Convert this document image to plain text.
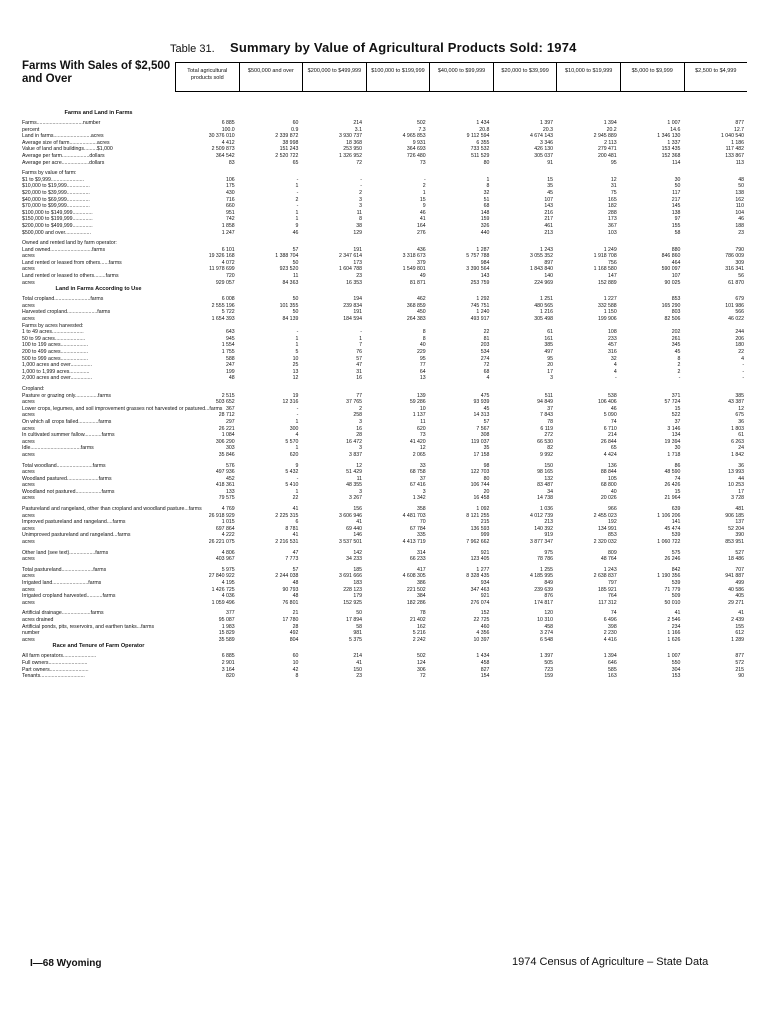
Table 31. Summary by Value of Agricultural Products Sold: 1974
Farms With Sales of $2,500 and Over
Total agricultural products sold
$500,000 and over	$200,000 to $499,999	$100,000 to $199,999	$40,000 to $99,999	$20,000 to $39,999	$10,000 to $19,999	$5,000 to $9,999	$2,500 to $4,999
Farms and Land in Farms
Farms................................number	6 885	60	214	502	1 434	1 397	1 394	1 007	877
percent	100.0	0.9	3.1	7.3	20.8	20.3	20.2	14.6	12.7
Land in farms..........................acres	30 376 010	2 339 872	3 930 737	4 965 853	9 112 594	4 674 143	2 945 889	1 346 130	1 040 540
Average size of farm...................acres	4 412	38 998	18 368	9 931	6 355	3 346	2 113	1 337	1 186
Value of land and buildings.........$1,000	2 509 873	151 243	253 950	364 693	733 532	426 130	279 471	153 435	117 482
Average per farm...................dollars	364 542	2 520 722	1 326 952	726 480	511 529	305 037	200 481	152 368	133 867
Average per acre...................dollars	83	65	72	73	80	91	95	114	113
Farms by value of farm:
$1 to $9,999.......................	106	-	-	-	1	15	12	30	48
$10,000 to $19,999................	175	1	-	2	8	35	31	50	50
$20,000 to $39,999................	430	-	2	1	32	45	75	117	138
$40,000 to $69,999................	716	2	3	15	51	107	165	217	162
$70,000 to $99,999................	660	-	3	9	68	143	182	145	110
$100,000 to $149,999..............	951	1	11	46	148	216	288	138	104
$150,000 to $199,999..............	742	1	8	41	159	217	173	97	46
$200,000 to $499,999..............	1 858	9	38	164	326	461	367	155	188
$500,000 and over..................	1 247	46	129	276	440	213	103	58	23
Owned and rented land by farm operator:
Land owned.............................farms	6 101	57	191	436	1 287	1 243	1 249	880	790
acres	19 326 168	1 388 704	2 347 614	3 318 673	5 757 788	3 055 352	1 918 708	846 860	786 009
Land rented or leased from others......farms	4 072	50	173	379	984	897	756	464	309
acres	11 978 699	923 520	1 604 788	1 549 801	3 390 564	1 843 840	1 168 580	590 097	316 341
Land rented or leased to others........farms	720	11	23	49	143	140	147	107	56
acres	929 057	84 363	16 353	81 871	253 759	224 969	152 889	90 025	61 870
Land in Farms According to Use
Total cropland.........................farms	6 008	50	194	462	1 292	1 251	1 227	853	679
acres	2 555 196	101 355	239 834	368 859	745 751	480 565	332 588	165 290	101 986
Harvested cropland.....................farms	5 722	50	191	450	1 240	1 216	1 150	803	566
acres	1 654 393	84 139	184 594	264 383	493 917	305 498	199 906	82 506	46 022
Farms by acres harvested:
1 to 49 acres......................	643	-	-	8	22	61	108	202	244
50 to 99 acres.....................	945	1	1	8	81	161	233	261	206
100 to 199 acres...................	1 554	1	7	40	203	385	457	345	180
200 to 499 acres...................	1 755	5	76	229	534	497	316	45	22
500 to 999 acres...................	588	10	57	95	274	95	32	8	4
1,000 acres and over...............	247	25	47	77	72	20	4	2	-
1,000 to 1,999 acres..............	199	13	31	64	68	17	4	2	-
2,000 acres and over...............	48	12	16	13	4	3	-	-	-
Cropland:
Pasture or grazing only................farms	2 515	19	77	139	475	511	538	371	385
acres	503 652	12 316	37 765	59 286	93 939	94 849	106 406	57 724	43 387
Lower crops, legumes, and soil improvement grasses not harvested or pastured...farms 367	-	2	10	45	37	46	15	12
acres	28 712	-	258	1 137	14 313	7 843	5 090	522	675
On which all crops failed..............farms	297	1	3	11	57	78	74	37	36
acres	26 221	300	16	620	7 567	6 119	6 710	3 146	1 803
In cultivated summer fallow............farms	1 084	4	28	73	308	272	214	134	61
acres	306 290	5 570	16 472	41 420	119 037	66 530	26 844	19 394	6 263
Idle...................................farms	303	1	3	12	35	82	65	30	24
acres	35 846	620	3 837	2 065	17 158	9 992	4 424	1 718	1 842
Total woodland.........................farms	576	9	12	33	98	150	136	86	36
acres	497 936	5 432	51 429	68 758	122 703	98 165	88 844	48 590	13 993
Woodland pastured......................farms	452	-	11	37	80	132	105	74	44
acres	418 361	5 410	48 355	67 416	106 744	83 487	68 800	26 426	10 253
Woodland not pastured..................farms	133	1	3	3	20	34	40	15	17
acres	79 575	22	3 267	1 342	16 458	14 738	20 026	21 964	3 728
Pastureland and rangeland, other than cropland and woodland pasture...farms	4 769	41	156	358	1 092	1 036	966	639	481
acres	26 918 929	2 225 315	3 606 946	4 481 703	8 121 255	4 012 739	2 455 023	1 106 206	906 185
Improved pastureland and rangeland....farms	1 015	6	41	70	215	213	192	141	137
acres	697 864	8 781	69 440	67 784	136 593	140 392	134 991	45 474	52 204
Unimproved pastureland and rangeland...farms	4 222	41	146	335	999	919	853	539	390
acres	26 221 075	2 216 531	3 537 501	4 413 719	7 962 662	3 877 347	2 320 032	1 060 722	853 951
Other land (see text)..................farms	4 806	47	142	314	921	975	809	575	527
acres	403 967	7 773	34 233	66 233	123 405	78 786	48 764	26 246	18 486
Total pastureland......................farms	5 975	57	185	417	1 277	1 255	1 243	842	707
acres	27 840 922	2 244 038	3 691 666	4 608 305	8 328 435	4 185 995	2 638 837	1 190 356	941 887
Irrigated land.........................farms	4 195	48	183	386	934	849	797	539	499
acres	1 426 725	90 793	228 123	221 502	347 463	239 639	185 921	71 779	40 586
Irrigated cropland harvested...........farms	4 036	48	179	384	921	876	764	509	405
acres	1 059 496	76 801	152 925	182 286	276 074	174 817	117 312	50 010	29 271
Artificial drainage....................farms	377	21	50	78	152	120	74	41	41
acres drained	95 087	17 780	17 894	21 402	22 725	10 310	6 496	2 546	2 439
Artificial ponds, pits, reservoirs, and earthen tanks...farms	1 983	28	58	162	460	458	398	234	155
number	15 829	492	981	5 216	4 356	3 274	2 230	1 166	612
acres	35 589	804	5 375	2 242	10 397	6 548	4 416	1 626	1 289
Race and Tenure of Farm Operator
All farm operators.......................	6 885	60	214	502	1 434	1 397	1 394	1 007	877
Full owners...........................	2 901	10	41	124	458	505	646	550	572
Part owners...........................	3 164	42	150	306	827	723	585	304	215
Tenants...............................	820	8	23	72	154	159	163	153	90
I—68 Wyoming	1974 Census of Agriculture – State Data
